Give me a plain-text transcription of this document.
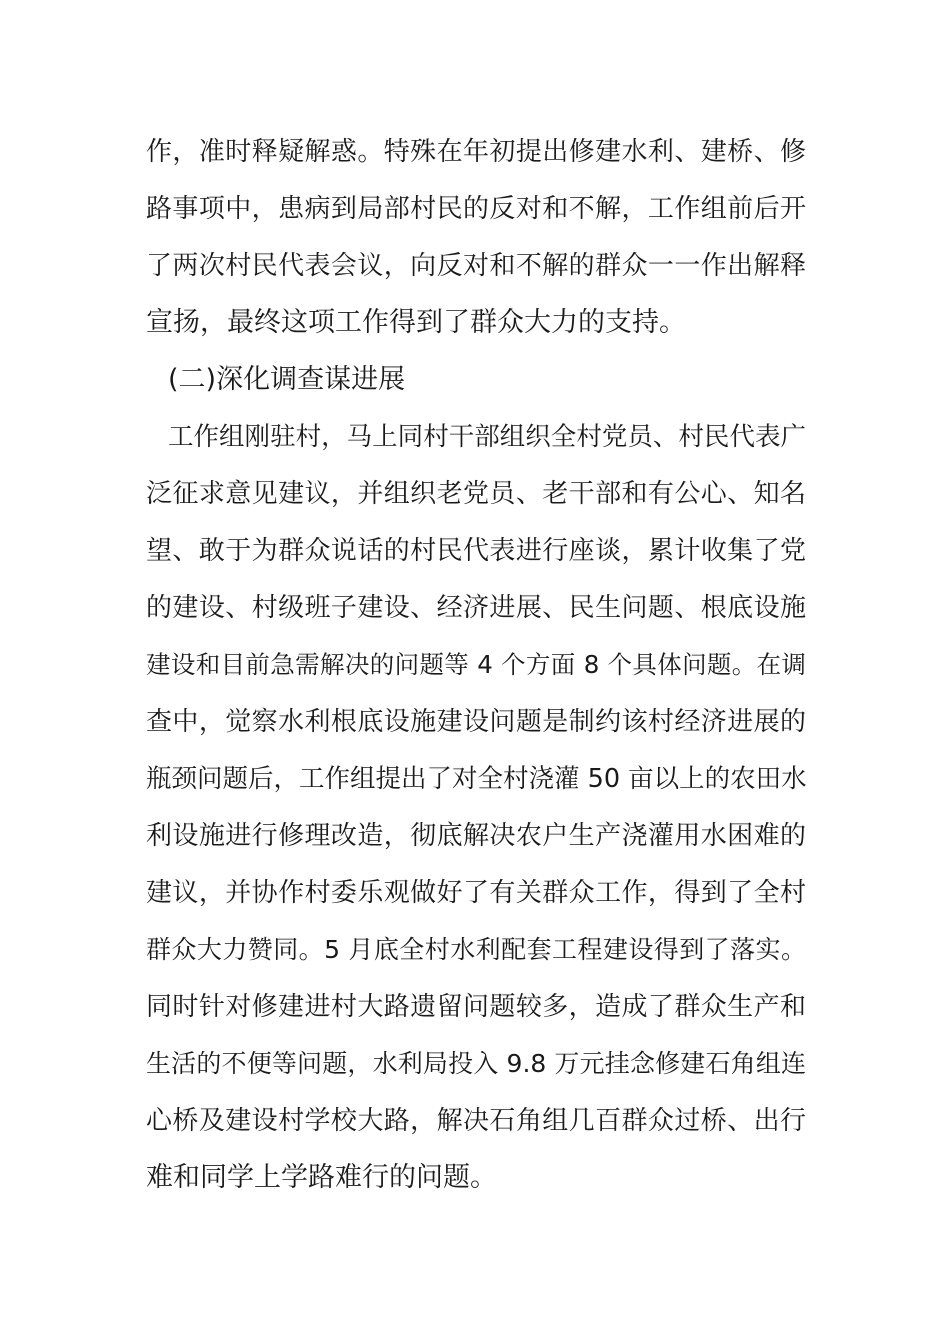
作，准时释疑解惑。特殊在年初提出修建水利、建桥、修
路事项中，患病到局部村民的反对和不解，工作组前后开
了两次村民代表会议，向反对和不解的群众一一作出解释
宣扬，最终这项工作得到了群众大力的支持。
(二)深化调查谋进展
工作组刚驻村，马上同村干部组织全村党员、村民代表广
泛征求意见建议，并组织老党员、老干部和有公心、知名
望、敢于为群众说话的村民代表进行座谈，累计收集了党
的建设、村级班子建设、经济进展、民生问题、根底设施
建设和目前急需解决的问题等 4 个方面 8 个具体问题。在调
查中，觉察水利根底设施建设问题是制约该村经济进展的
瓶颈问题后，工作组提出了对全村浇灌 50 亩以上的农田水
利设施进行修理改造，彻底解决农户生产浇灌用水困难的
建议，并协作村委乐观做好了有关群众工作，得到了全村
群众大力赞同。5 月底全村水利配套工程建设得到了落实。
同时针对修建进村大路遗留问题较多，造成了群众生产和
生活的不便等问题，水利局投入 9.8 万元挂念修建石角组连
心桥及建设村学校大路，解决石角组几百群众过桥、出行
难和同学上学路难行的问题。
